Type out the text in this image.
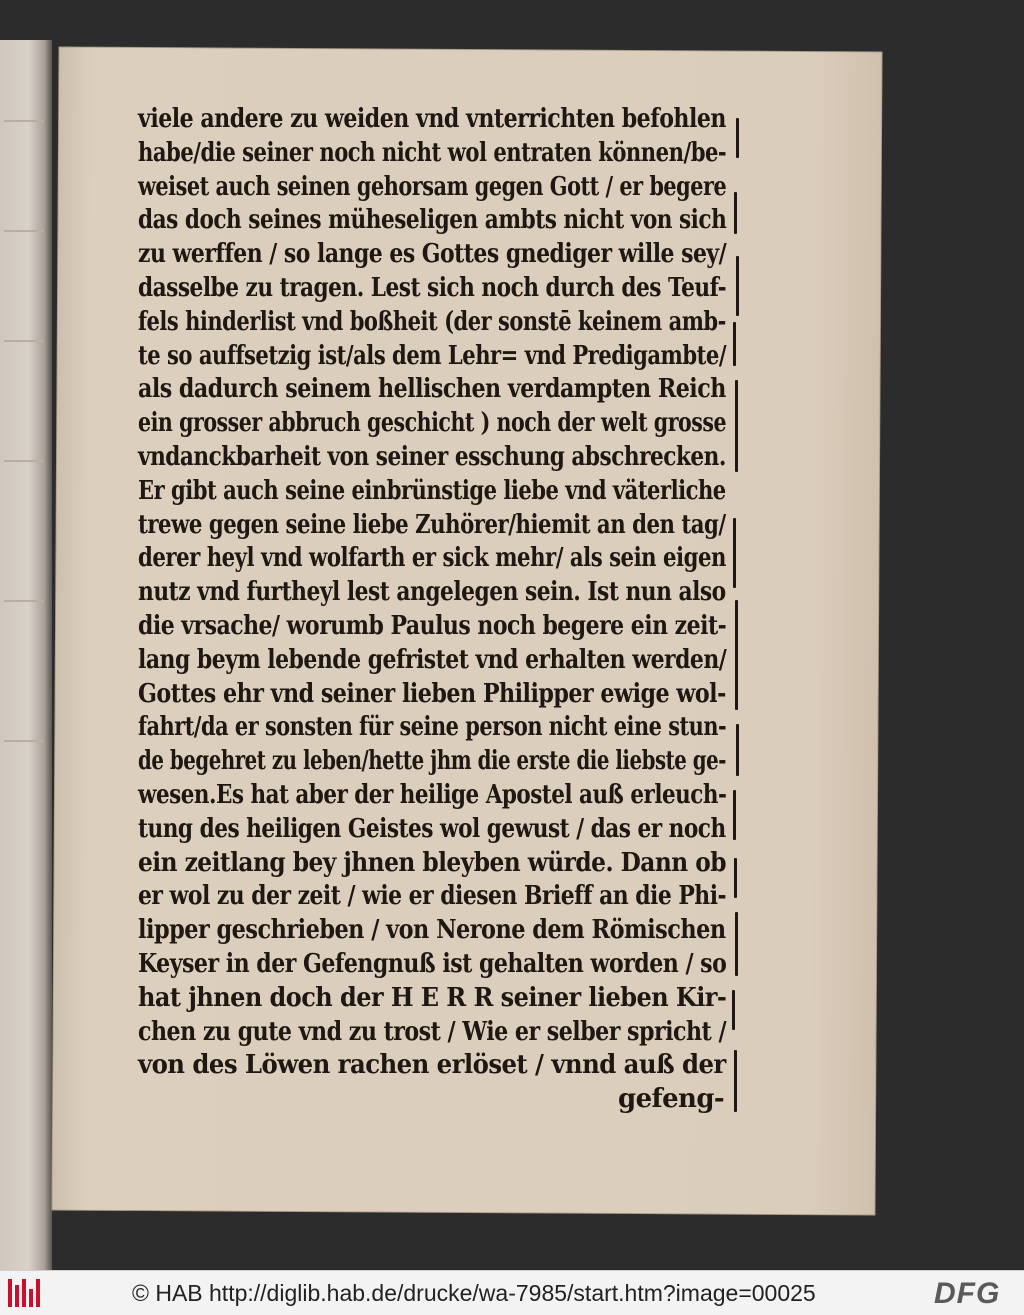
viele andere zu weiden vnd vnterrichten befohlen
habe/die seiner noch nicht wol entraten können/be-
weiset auch seinen gehorsam gegen Gott / er begere
das doch seines müheseligen ambts nicht von sich
zu werffen / so lange es Gottes gnediger wille sey/
dasselbe zu tragen. Lest sich noch durch des Teuf-
fels hinderlist vnd boßheit (der sonstē keinem amb-
te so auffsetzig ist/als dem Lehr= vnd Predigambte/
als dadurch seinem hellischen verdampten Reich
ein grosser abbruch geschicht ) noch der welt grosse
vndanckbarheit von seiner esschung abschrecken.
Er gibt auch seine einbrünstige liebe vnd väterliche
trewe gegen seine liebe Zuhörer/hiemit an den tag/
derer heyl vnd wolfarth er sick mehr/ als sein eigen
nutz vnd furtheyl lest angelegen sein. Ist nun also
die vrsache/ worumb Paulus noch begere ein zeit-
lang beym lebende gefristet vnd erhalten werden/
Gottes ehr vnd seiner lieben Philipper ewige wol-
fahrt/da er sonsten für seine person nicht eine stun-
de begehret zu leben/hette jhm die erste die liebste ge-
wesen.Es hat aber der heilige Apostel auß erleuch-
tung des heiligen Geistes wol gewust / das er noch
ein zeitlang bey jhnen bleyben würde. Dann ob
er wol zu der zeit / wie er diesen Brieff an die Phi-
lipper geschrieben / von Nerone dem Römischen
Keyser in der Gefengnuß ist gehalten worden / so
hat jhnen doch der H E R R seiner lieben Kir-
chen zu gute vnd zu trost / Wie er selber spricht /
von des Löwen rachen erlöset / vnnd auß der
gefeng-
© HAB http://diglib.hab.de/drucke/wa-7985/start.htm?image=00025	DFG
